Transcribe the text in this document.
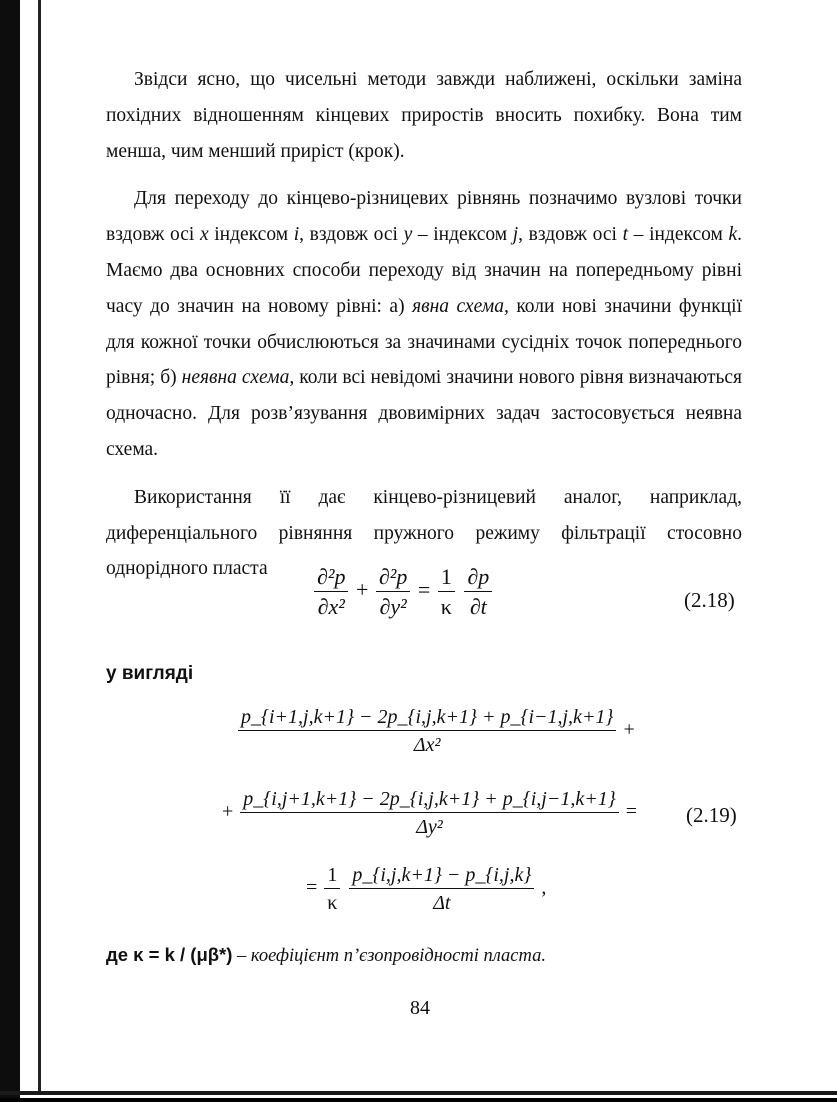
Звідси ясно, що чисельні методи завжди наближені, оскільки заміна похідних відношенням кінцевих приростів вносить похибку. Вона тим менша, чим менший приріст (крок).

Для переходу до кінцево-різницевих рівнянь позначимо вузлові точки вздовж осі x індексом i, вздовж осі y – індексом j, вздовж осі t – індексом k. Маємо два основних способи переходу від значин на попередньому рівні часу до значин на новому рівні: а) явна схема, коли нові значини функції для кожної точки обчислюються за значинами сусідніх точок попереднього рівня; б) неявна схема, коли всі невідомі значини нового рівня визначаються одночасно. Для розв’язування двовимірних задач застосовується неявна схема.

Використання її дає кінцево-різницевий аналог, наприклад, диференціального рівняння пружного режиму фільтрації стосовно однорідного пласта	$\frac{\text{∂²p}}{\text{∂x²}} + \frac{\text{∂²p}}{\text{∂y²}} = \frac{1}{\kappa}$
$\frac{\partial p}{\partial t}$	(2.18)
у вигляді
$\frac{p\_\{i+1,j,k+1\} - 2p\_\{i,j,k+1\} + p\_\{i-1,j,k+1\}}{\text{Δx²}}$ +
+ $\frac{p\_\{i,j+1,k+1\} - 2p\_\{i,j,k+1\} + p\_\{i,j-1,k+1\}}{\text{Δy²}}$ =
= $\frac{1}{\kappa}$
$\frac{p\_\{i,j,k+1\} - p\_\{i,j,k\}}{\Delta t}$ ,
(2.19)
де κ = k / (μβ*) – коефіцієнт п’єзопровідності пласта.
84
